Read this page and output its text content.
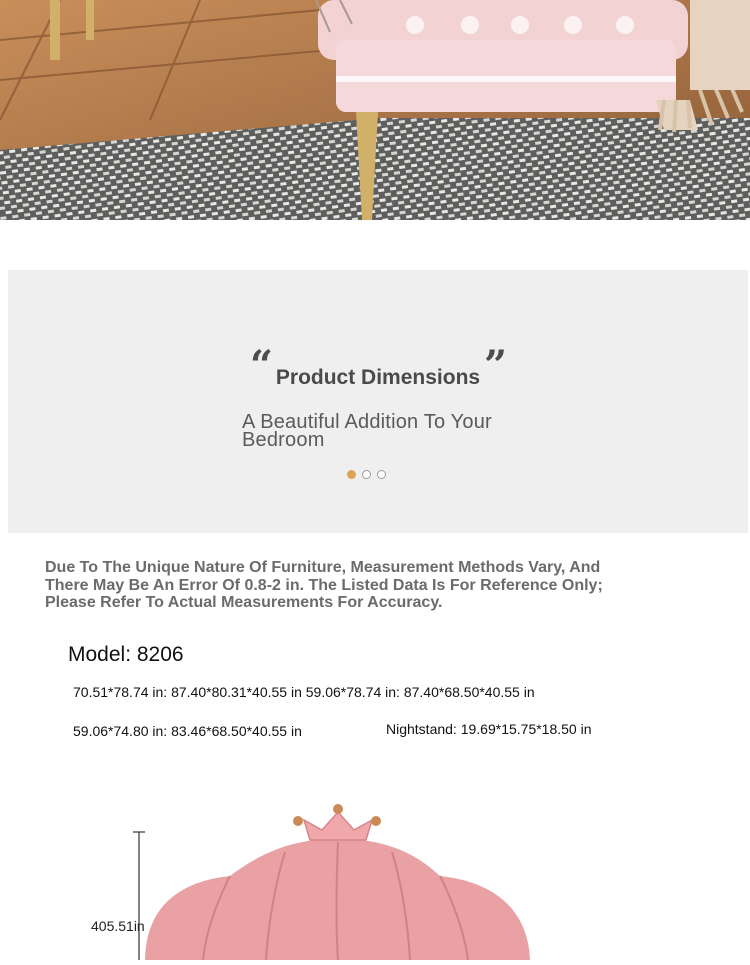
“	”
Product Dimensions
A Beautiful Addition To Your Bedroom
Due To The Unique Nature Of Furniture, Measurement Methods Vary, And There May Be An Error Of 0.8-2 in. The Listed Data Is For Reference Only; Please Refer To Actual Measurements For Accuracy.
Model: 8206
70.51*78.74 in: 87.40*80.31*40.55 in 59.06*78.74 in: 87.40*68.50*40.55 in
59.06*74.80 in: 83.46*68.50*40.55 in	Nightstand: 19.69*15.75*18.50 in
405.51in
